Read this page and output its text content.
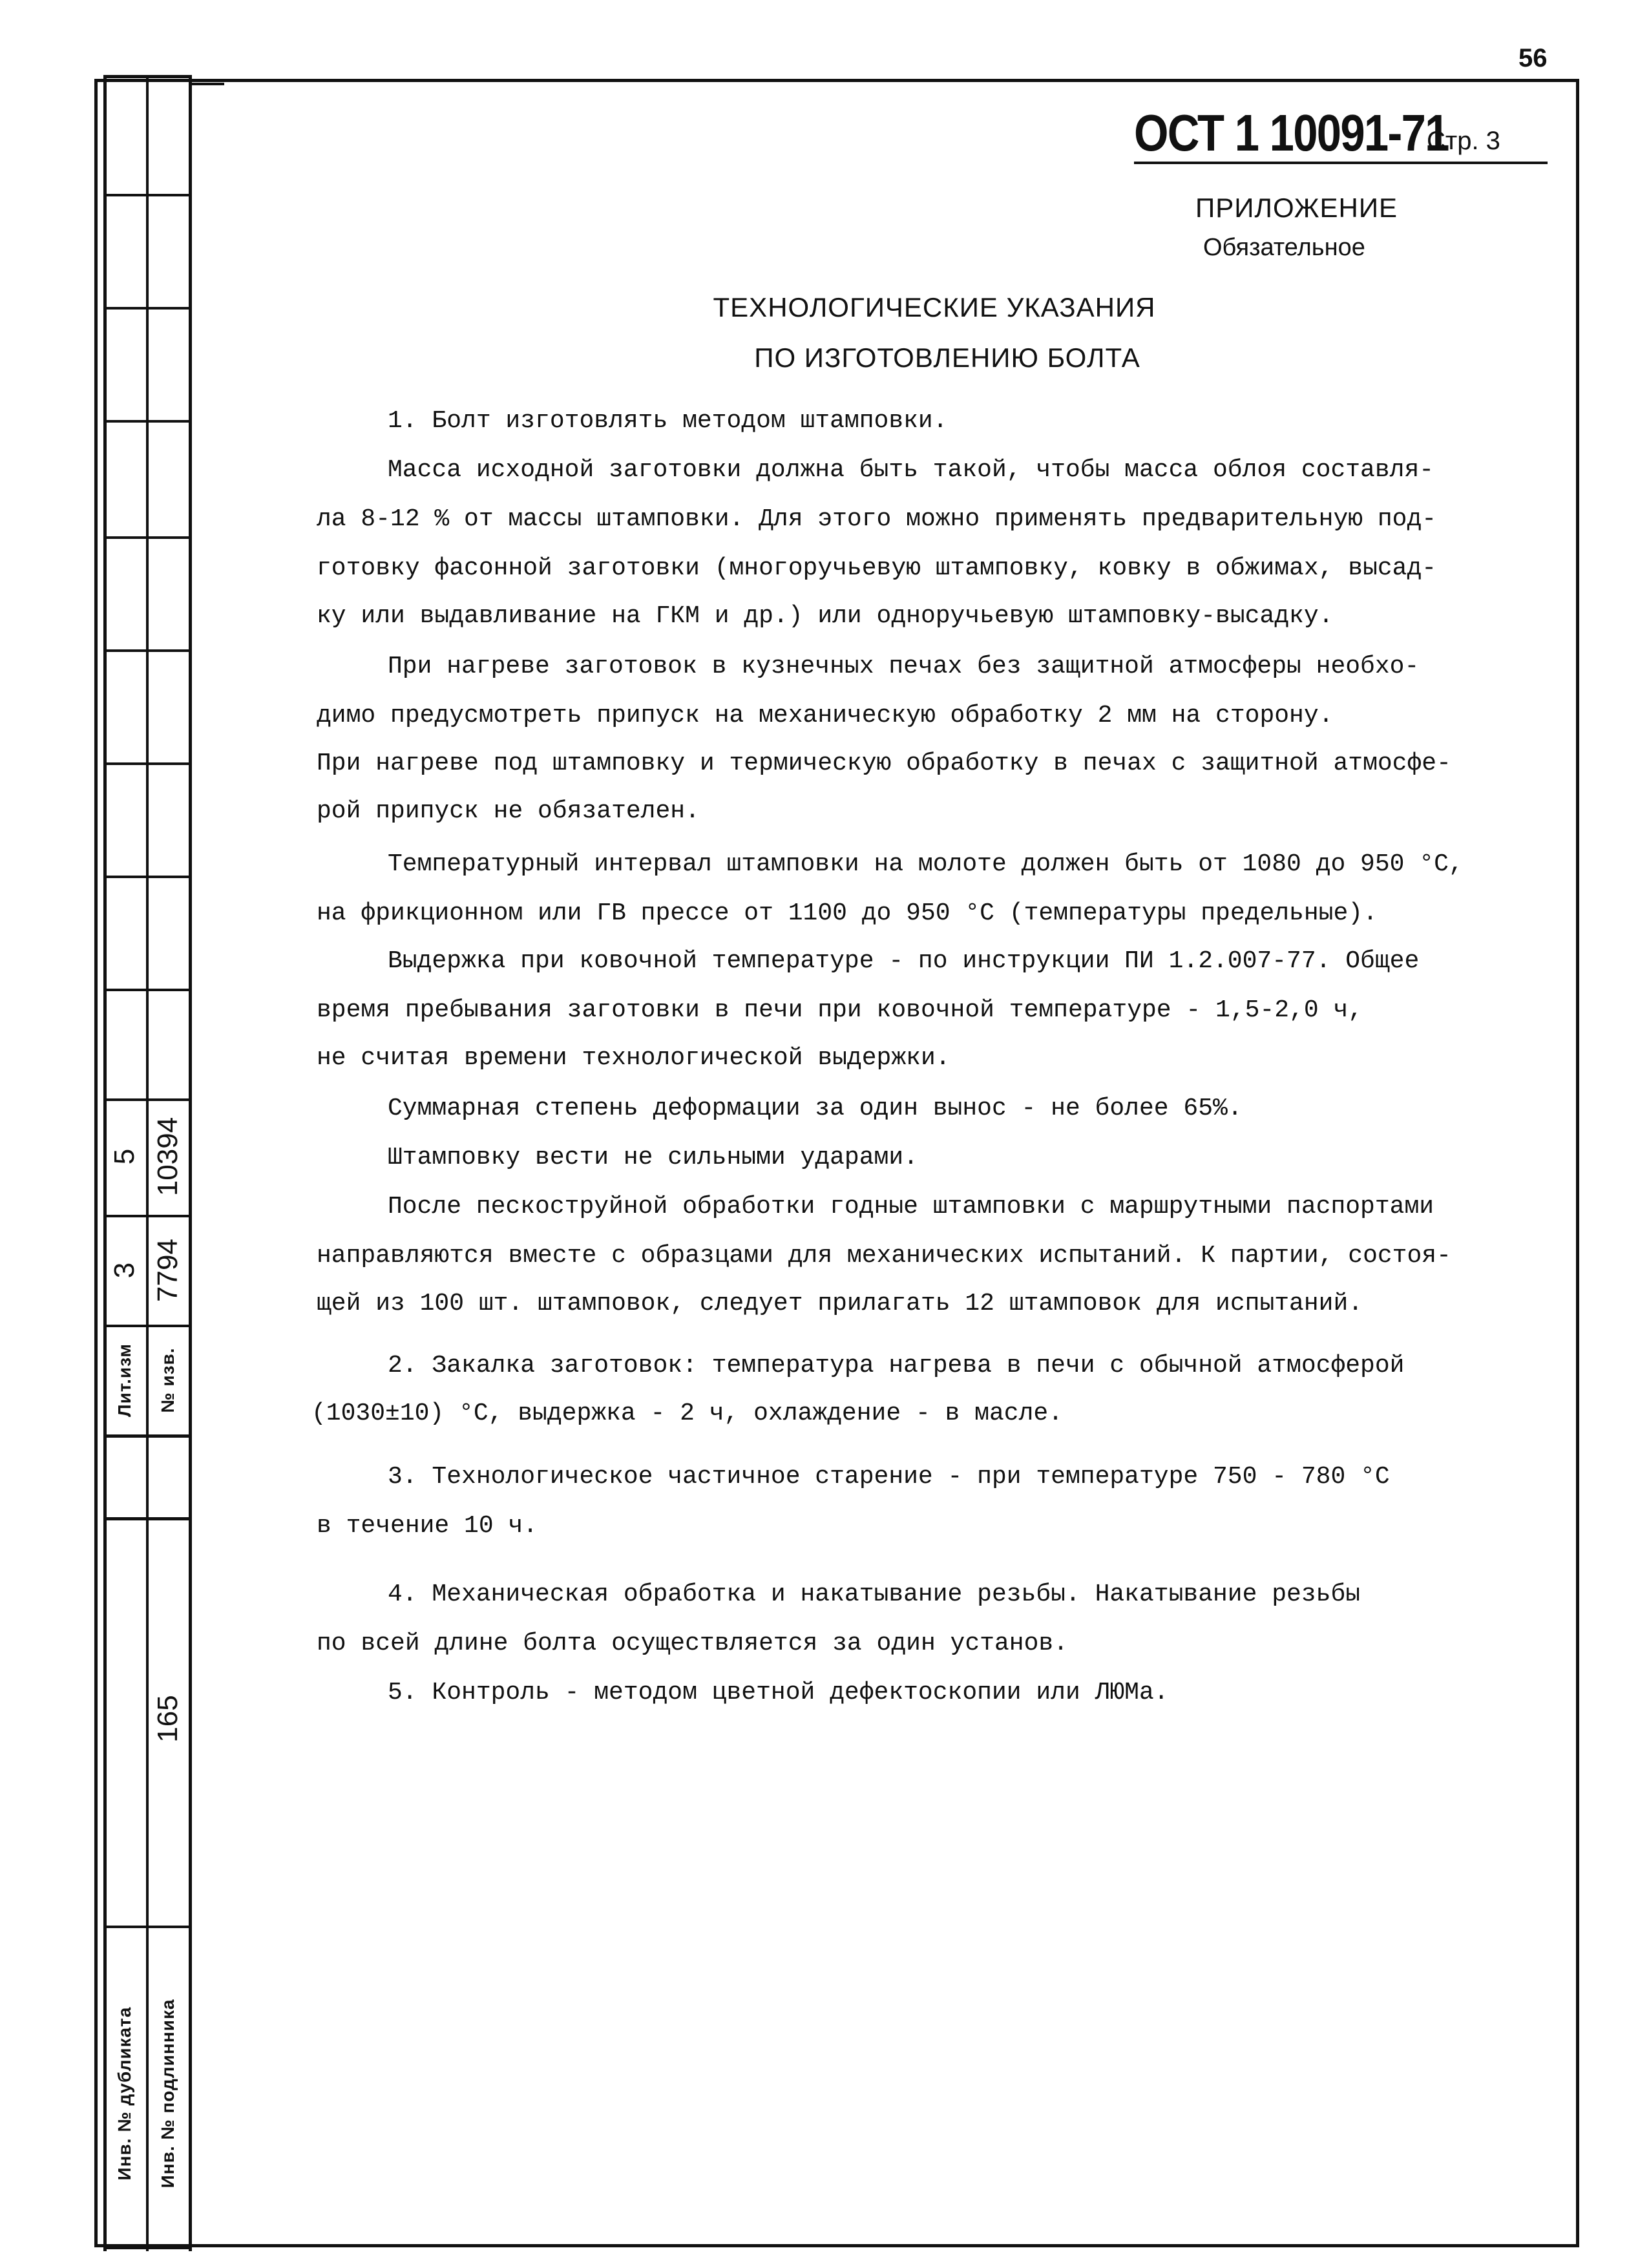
56
5 10394
3 7794
Лит.изм № изв.
165
Инв. № дубликата Инв. № подлинника
ОСТ 1 10091-71
Стр. 3
ПРИЛОЖЕНИЕ
Обязательное
ТЕХНОЛОГИЧЕСКИЕ УКАЗАНИЯ
ПО ИЗГОТОВЛЕНИЮ БОЛТА
1. Болт изготовлять методом штамповки.
Масса исходной заготовки должна быть такой, чтобы масса облоя составля-
ла 8-12 % от массы штамповки. Для этого можно применять предварительную под-
готовку фасонной заготовки (многоручьевую штамповку, ковку в обжимах, высад-
ку или выдавливание на ГКМ и др.) или одноручьевую штамповку-высадку.
При нагреве заготовок в кузнечных печах без защитной атмосферы необхо-
димо предусмотреть припуск на механическую обработку 2 мм на сторону.
При нагреве под штамповку и термическую обработку в печах с защитной атмосфе-
рой припуск не обязателен.
Температурный интервал штамповки на молоте должен быть от 1080 до 950 °С,
на фрикционном или ГВ прессе от 1100 до 950 °С (температуры предельные).
Выдержка при ковочной температуре - по инструкции ПИ 1.2.007-77. Общее
время пребывания заготовки в печи при ковочной температуре - 1,5-2,0 ч,
не считая времени технологической выдержки.
Суммарная степень деформации за один вынос - не более 65%.
Штамповку вести не сильными ударами.
После пескоструйной обработки годные штамповки с маршрутными паспортами
направляются вместе с образцами для механических испытаний. К партии, состоя-
щей из 100 шт. штамповок, следует прилагать 12 штамповок для испытаний.
2. Закалка заготовок: температура нагрева в печи с обычной атмосферой
(1030±10) °С, выдержка - 2 ч, охлаждение - в масле.
3. Технологическое частичное старение - при температуре 750 - 780 °С
в течение 10 ч.
4. Механическая обработка и накатывание резьбы. Накатывание резьбы
по всей длине болта осуществляется за один установ.
5. Контроль - методом цветной дефектоскопии или ЛЮМа.
